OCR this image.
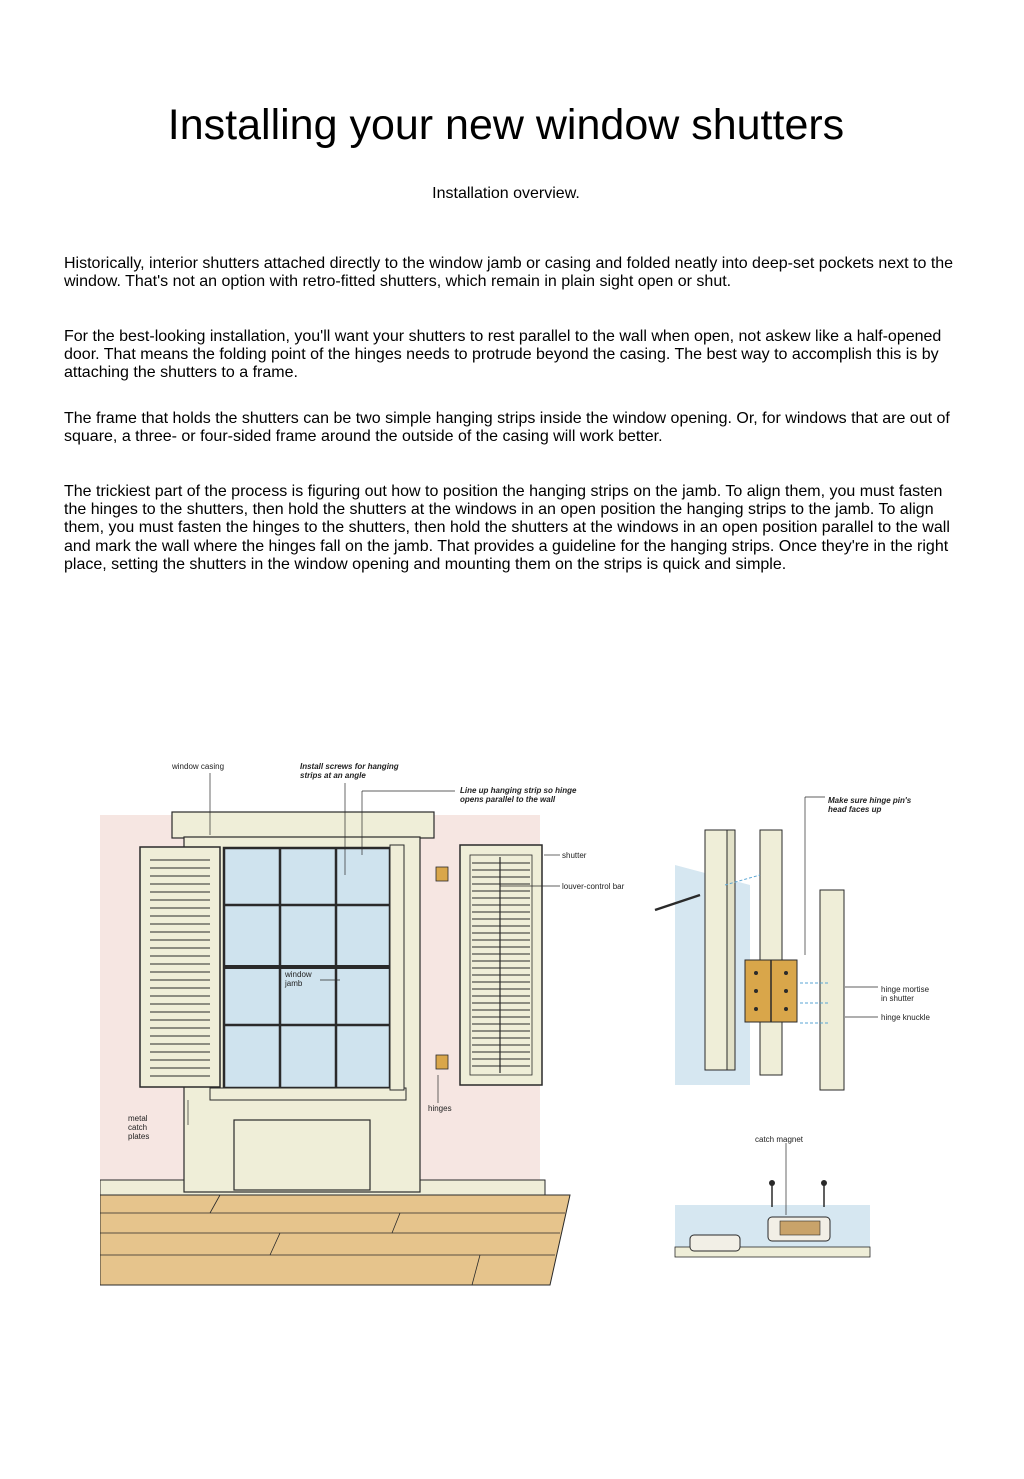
Installing your new window shutters
Installation overview.

Historically, interior shutters attached directly to the window jamb or casing and folded neatly into deep-set pockets next to the window. That's not an option with retro-fitted shutters, which remain in plain sight open or shut.

For the best-looking installation, you'll want your shutters to rest parallel to the wall when open, not askew like a half-opened door. That means the folding point of the hinges needs to protrude beyond the casing. The best way to accomplish this is by attaching the shutters to a frame.

The frame that holds the shutters can be two simple hanging strips inside the window opening. Or, for windows that are out of square, a three- or four-sided frame around the outside of the casing will work better.

The trickiest part of the process is figuring out how to position the hanging strips on the jamb. To align them, you must fasten the hinges to the shutters, then hold the shutters at the windows in an open position the hanging strips to the jamb. To align them, you must fasten the hinges to the shutters, then hold the shutters at the windows in an open position parallel to the wall and mark the wall where the hinges fall on the jamb. That provides a guideline for the hanging strips. Once they're in the right place, setting the shutters in the window opening and mounting them on the strips is quick and simple.

window casing	Install screws for hanging
strips at an angle
Line up hanging strip so hinge
opens parallel to the wall
shutter
louver-control bar
window
jamb
hinges
metal
catch
plates
Make sure hinge pin's
head faces up
hinge mortise
in shutter
hinge knuckle
catch magnet
